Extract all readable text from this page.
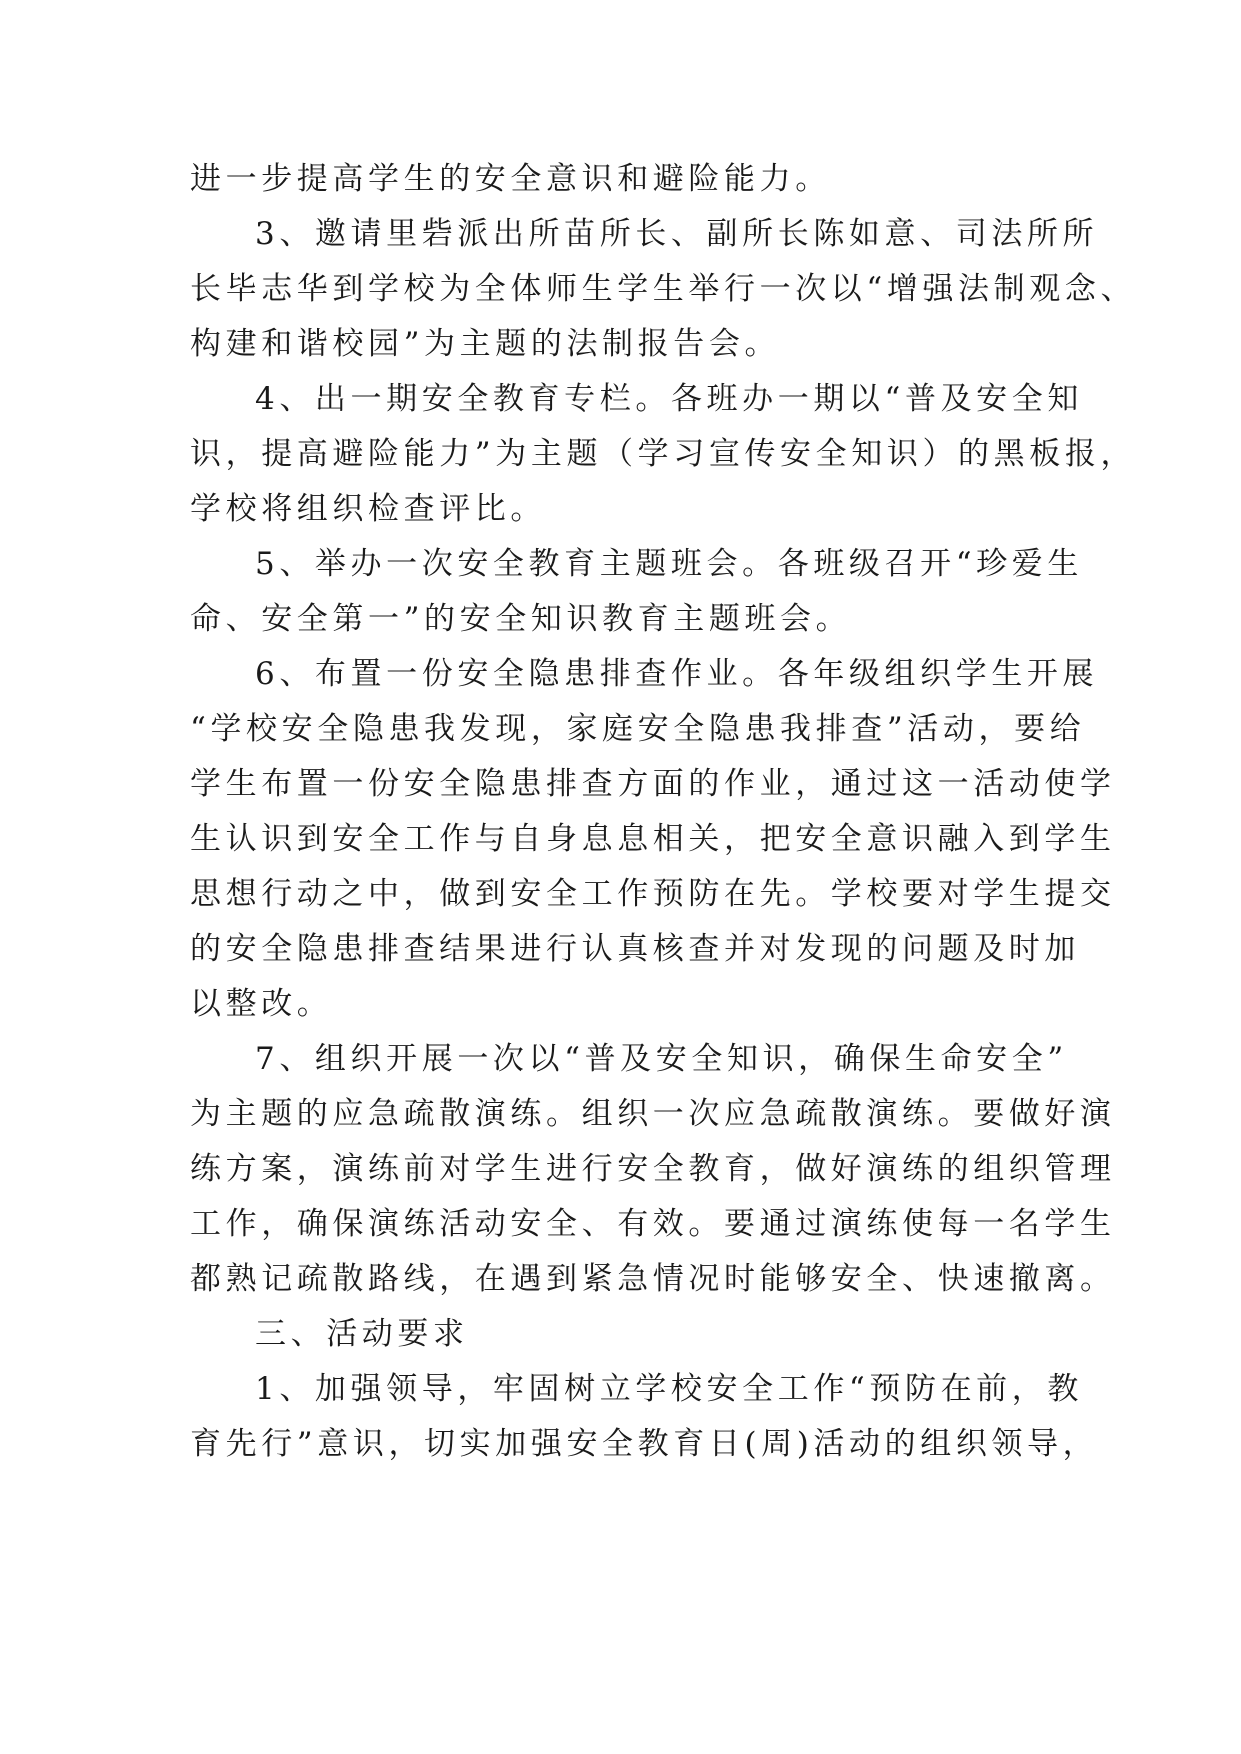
进一步提高学生的安全意识和避险能力。
3、邀请里砦派出所苗所长、副所长陈如意、司法所所
长毕志华到学校为全体师生学生举行一次以“增强法制观念、
构建和谐校园”为主题的法制报告会。
4、出一期安全教育专栏。各班办一期以“普及安全知
识，提高避险能力”为主题（学习宣传安全知识）的黑板报，
学校将组织检查评比。
5、举办一次安全教育主题班会。各班级召开“珍爱生
命、安全第一”的安全知识教育主题班会。
6、布置一份安全隐患排查作业。各年级组织学生开展
“学校安全隐患我发现，家庭安全隐患我排查”活动，要给
学生布置一份安全隐患排查方面的作业，通过这一活动使学
生认识到安全工作与自身息息相关，把安全意识融入到学生
思想行动之中，做到安全工作预防在先。学校要对学生提交
的安全隐患排查结果进行认真核查并对发现的问题及时加
以整改。
7、组织开展一次以“普及安全知识，确保生命安全”
为主题的应急疏散演练。组织一次应急疏散演练。要做好演
练方案，演练前对学生进行安全教育，做好演练的组织管理
工作，确保演练活动安全、有效。要通过演练使每一名学生
都熟记疏散路线，在遇到紧急情况时能够安全、快速撤离。
三、活动要求
1、加强领导，牢固树立学校安全工作“预防在前，教
育先行”意识，切实加强安全教育日(周)活动的组织领导，
